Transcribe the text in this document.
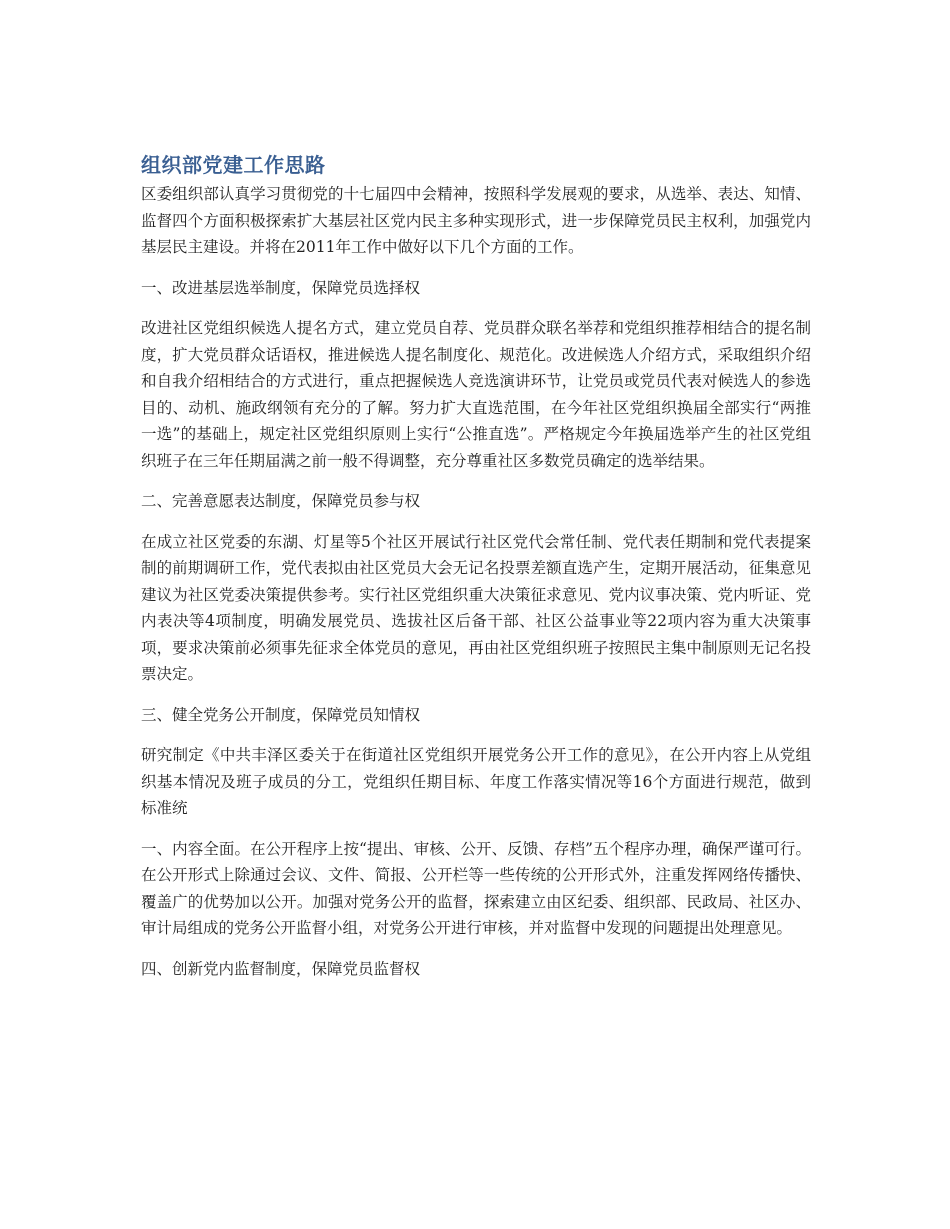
组织部党建工作思路

区委组织部认真学习贯彻党的十七届四中会精神，按照科学发展观的要求，从选举、表达、知情、监督四个方面积极探索扩大基层社区党内民主多种实现形式，进一步保障党员民主权利，加强党内基层民主建设。并将在2011年工作中做好以下几个方面的工作。

一、改进基层选举制度，保障党员选择权

改进社区党组织候选人提名方式，建立党员自荐、党员群众联名举荐和党组织推荐相结合的提名制度，扩大党员群众话语权，推进候选人提名制度化、规范化。改进候选人介绍方式，采取组织介绍和自我介绍相结合的方式进行，重点把握候选人竞选演讲环节，让党员或党员代表对候选人的参选目的、动机、施政纲领有充分的了解。努力扩大直选范围，在今年社区党组织换届全部实行“两推一选”的基础上，规定社区党组织原则上实行“公推直选”。严格规定今年换届选举产生的社区党组织班子在三年任期届满之前一般不得调整，充分尊重社区多数党员确定的选举结果。

二、完善意愿表达制度，保障党员参与权

在成立社区党委的东湖、灯星等5个社区开展试行社区党代会常任制、党代表任期制和党代表提案制的前期调研工作，党代表拟由社区党员大会无记名投票差额直选产生，定期开展活动，征集意见建议为社区党委决策提供参考。实行社区党组织重大决策征求意见、党内议事决策、党内听证、党内表决等4项制度，明确发展党员、选拔社区后备干部、社区公益事业等22项内容为重大决策事项，要求决策前必须事先征求全体党员的意见，再由社区党组织班子按照民主集中制原则无记名投票决定。

三、健全党务公开制度，保障党员知情权

研究制定《中共丰泽区委关于在街道社区党组织开展党务公开工作的意见》，在公开内容上从党组织基本情况及班子成员的分工，党组织任期目标、年度工作落实情况等16个方面进行规范，做到标准统

一、内容全面。在公开程序上按“提出、审核、公开、反馈、存档”五个程序办理，确保严谨可行。在公开形式上除通过会议、文件、简报、公开栏等一些传统的公开形式外，注重发挥网络传播快、覆盖广的优势加以公开。加强对党务公开的监督，探索建立由区纪委、组织部、民政局、社区办、审计局组成的党务公开监督小组，对党务公开进行审核，并对监督中发现的问题提出处理意见。

四、创新党内监督制度，保障党员监督权
